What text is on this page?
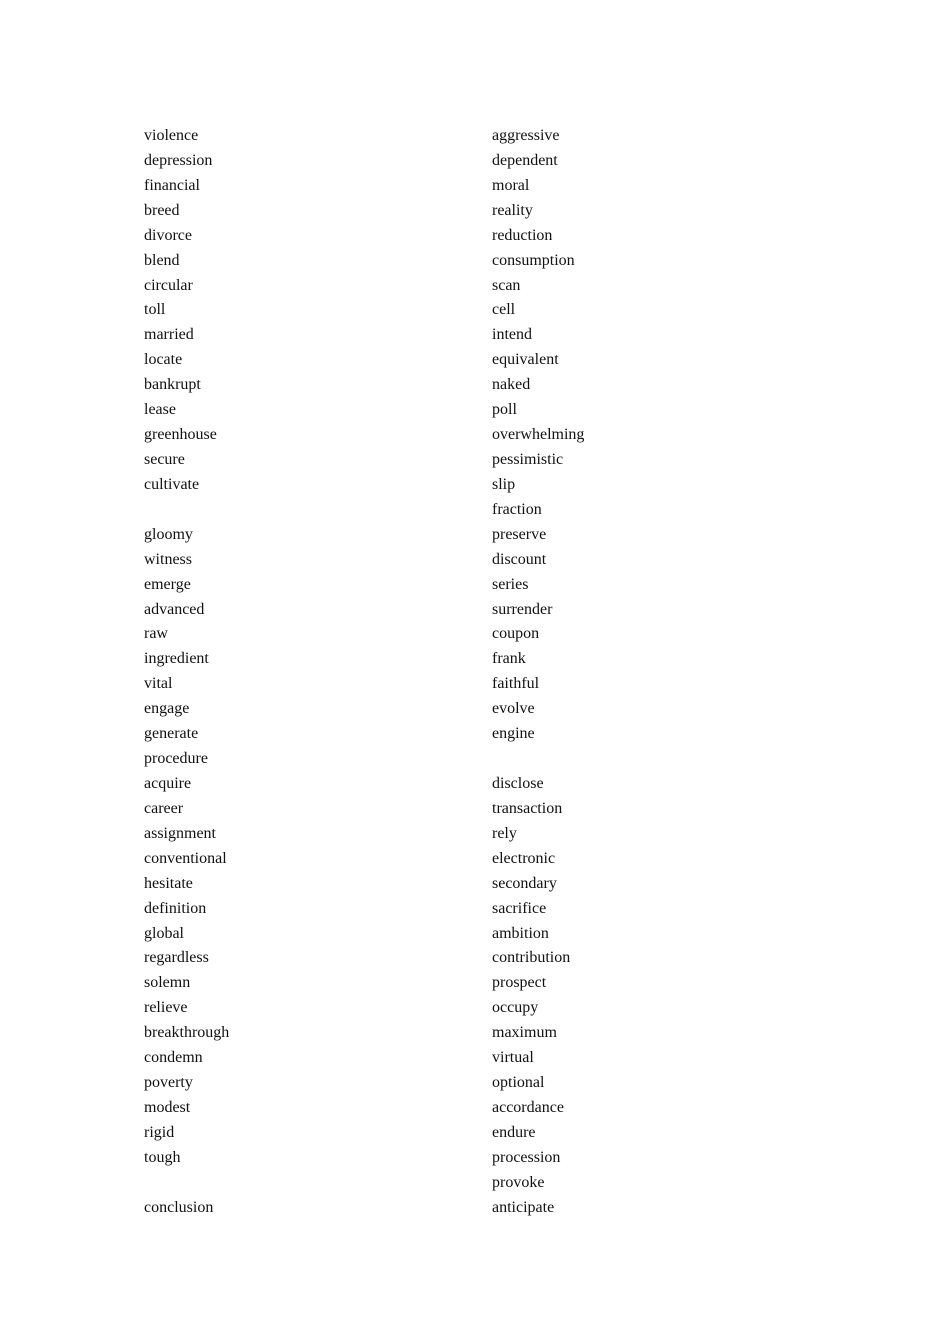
violence
depression
financial
breed
divorce
blend
circular
toll
married
locate
bankrupt
lease
greenhouse
secure
cultivate
gloomy
witness
emerge
advanced
raw
ingredient
vital
engage
generate
procedure
acquire
career
assignment
conventional
hesitate
definition
global
regardless
solemn
relieve
breakthrough
condemn
poverty
modest
rigid
tough
conclusion
aggressive
dependent
moral
reality
reduction
consumption
scan
cell
intend
equivalent
naked
poll
overwhelming
pessimistic
slip
fraction
preserve
discount
series
surrender
coupon
frank
faithful
evolve
engine
disclose
transaction
rely
electronic
secondary
sacrifice
ambition
contribution
prospect
occupy
maximum
virtual
optional
accordance
endure
procession
provoke
anticipate
